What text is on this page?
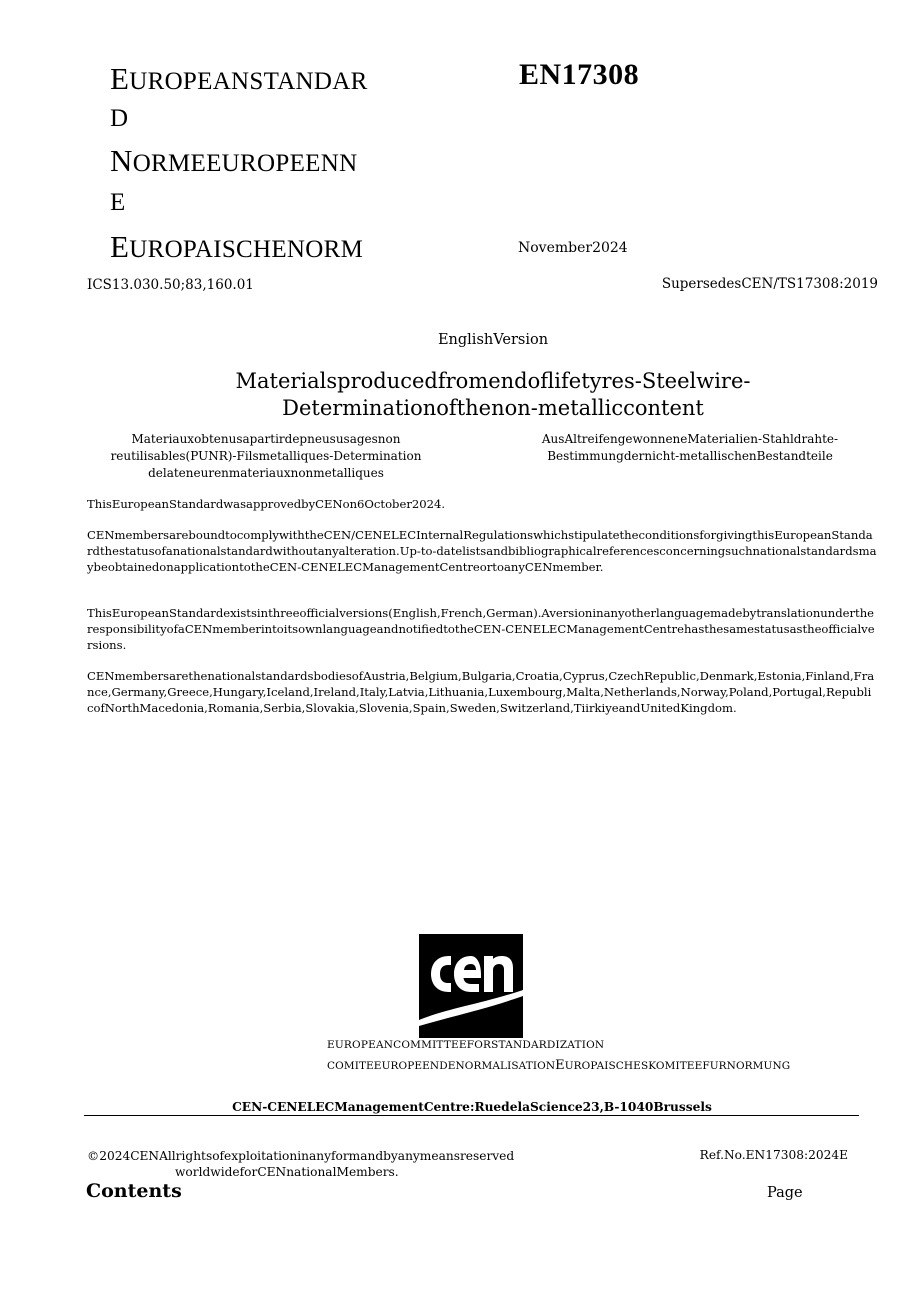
EUROPEANSTANDAR
D
NORMEEUROPEENN
E
EUROPAISCHENORM
EN17308
November2024
ICS13.030.50;83,160.01	SupersedesCEN/TS17308:2019
EnglishVersion
Materialsproducedfromendoflifetyres-Steelwire-
Determinationofthenon-metalliccontent
Materiauxobtenusapartirdepneususagesnon reutilisables(PUNR)-Filsmetalliques-Determination delateneurenmateriauxnonmetalliques
AusAltreifengewonneneMaterialien-Stahldrahte-Bestimmungdernicht-metallischenBestandteile
ThisEuropeanStandardwasapprovedbyCENon6October2024.
CENmembersareboundtocomplywiththeCEN/CENELECInternalRegulationswhichstipulatetheconditionsforgivingthisEuropeanStandardthestatusofanationalstandardwithoutanyalteration.Up-to-datelistsandbibliographicalreferencesconcerningsuchnationalstandardsmaybeobtainedonapplicationtotheCEN-CENELECManagementCentreortoanyCENmember.
ThisEuropeanStandardexistsinthreeofficialversions(English,French,German).AversioninanyotherlanguagemadebytranslationundertheresponsibilityofaCENmemberintoitsownlanguageandnotifiedtotheCEN-CENELECManagementCentrehasthesamestatusastheofficialversions.
CENmembersarethenationalstandardsbodiesofAustria,Belgium,Bulgaria,Croatia,Cyprus,CzechRepublic,Denmark,Estonia,Finland,France,Germany,Greece,Hungary,Iceland,Ireland,Italy,Latvia,Lithuania,Luxembourg,Malta,Netherlands,Norway,Poland,Portugal,RepublicofNorthMacedonia,Romania,Serbia,Slovakia,Slovenia,Spain,Sweden,Switzerland,TiirkiyeandUnitedKingdom.
EUROPEANCOMMITTEEFORSTANDARDIZATION
COMITEEUROPEENDENORMALISATIONEUROPAISCHESKOMITEEFURNORMUNG
CEN-CENELECManagementCentre:RuedelaScience23,B-1040Brussels
©2024CENAllrightsofexploitationinanyformandbyanymeansreserved
worldwideforCENnationalMembers.
Ref.No.EN17308:2024E
Contents	Page
